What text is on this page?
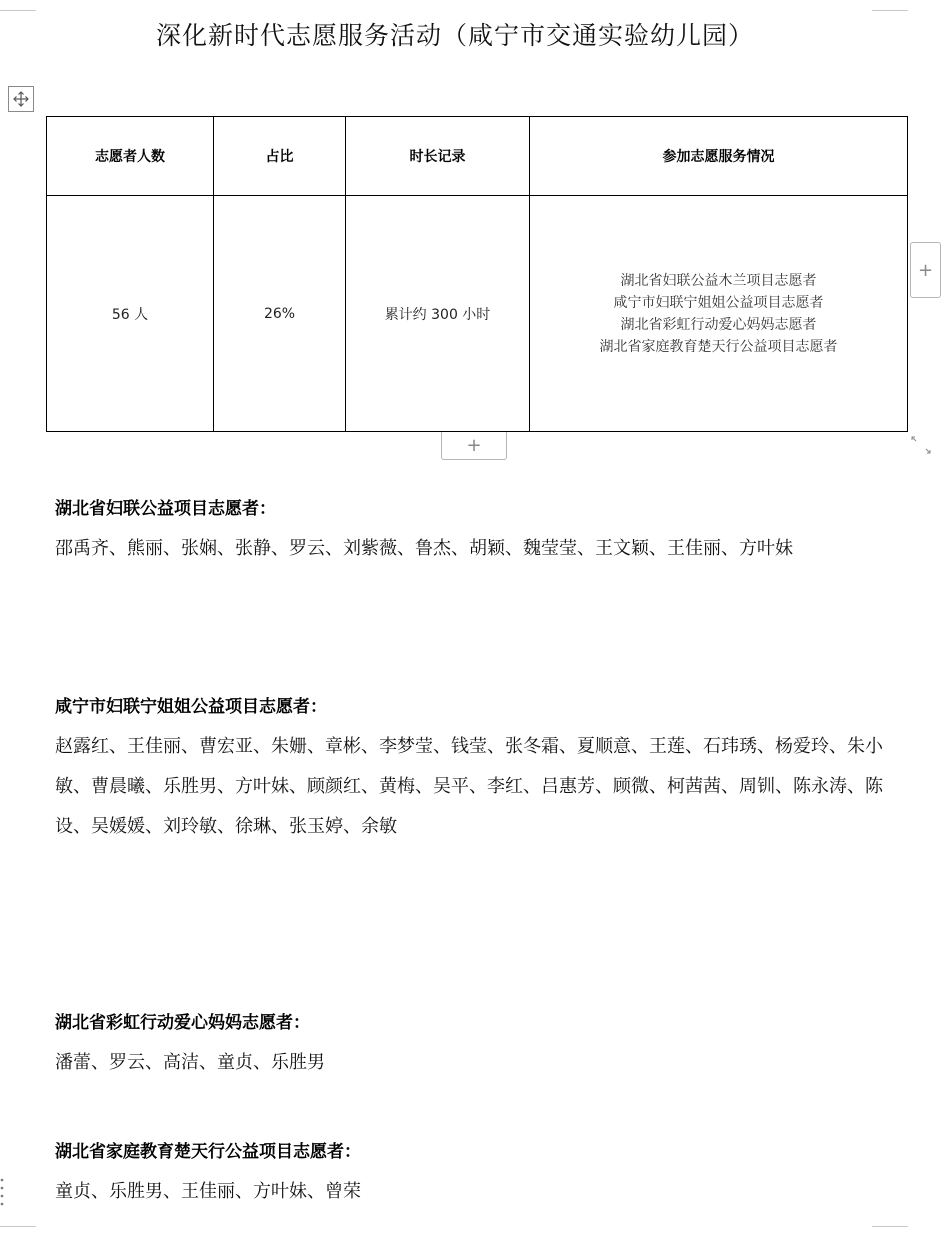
深化新时代志愿服务活动（咸宁市交通实验幼儿园）
志愿者人数	占比	时长记录	参加志愿服务情况
56 人	26%	累计约 300 小时	湖北省妇联公益木兰项目志愿者
咸宁市妇联宁姐姐公益项目志愿者
湖北省彩虹行动爱心妈妈志愿者
湖北省家庭教育楚天行公益项目志愿者
+
+

湖北省妇联公益项目志愿者：

邵禹齐、熊丽、张娴、张静、罗云、刘紫薇、鲁杰、胡颖、魏莹莹、王文颖、王佳丽、方叶妹

咸宁市妇联宁姐姐公益项目志愿者：

赵露红、王佳丽、曹宏亚、朱姗、章彬、李梦莹、钱莹、张冬霜、夏顺意、王莲、石玮琇、杨爱玲、朱小敏、曹晨曦、乐胜男、方叶妹、顾颜红、黄梅、吴平、李红、吕惠芳、顾微、柯茜茜、周钏、陈永涛、陈设、吴媛媛、刘玲敏、徐琳、张玉婷、余敏

湖北省彩虹行动爱心妈妈志愿者：

潘蕾、罗云、高洁、童贞、乐胜男

湖北省家庭教育楚天行公益项目志愿者：

童贞、乐胜男、王佳丽、方叶妹、曾荣
